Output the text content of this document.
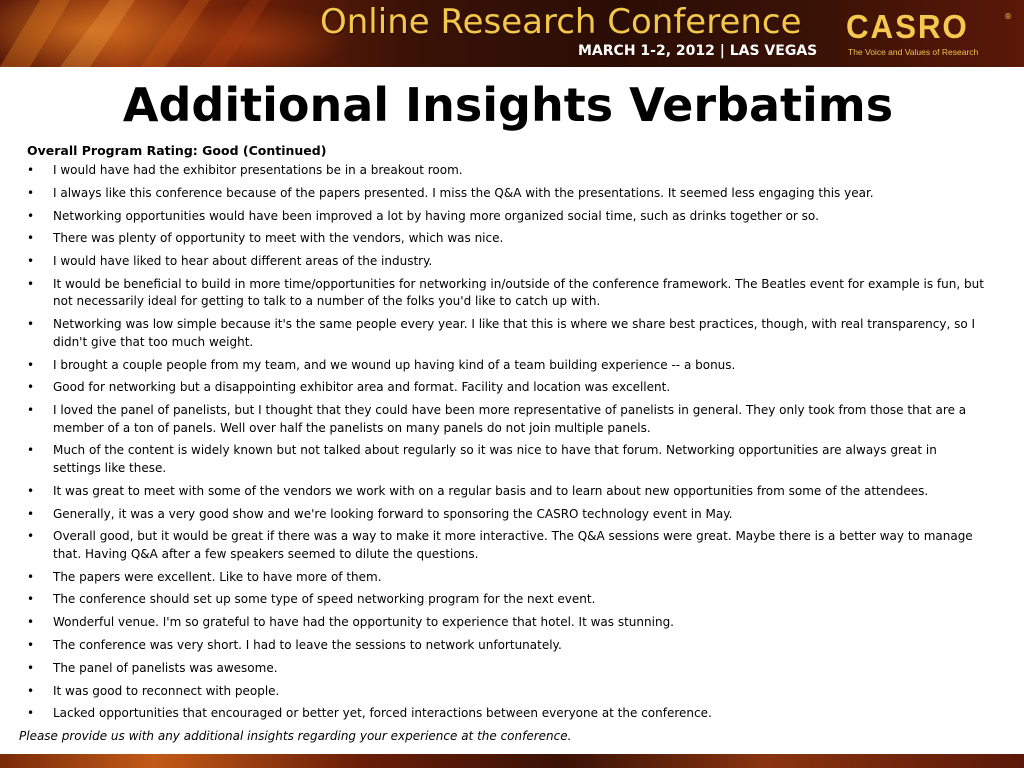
Online Research Conference
MARCH 1-2, 2012 | LAS VEGAS
CASRO	®
The Voice and Values of Research
Additional Insights Verbatims
Overall Program Rating: Good (Continued)
• I would have had the exhibitor presentations be in a breakout room.
• I always like this conference because of the papers presented. I miss the Q&A with the presentations. It seemed less engaging this year.
• Networking opportunities would have been improved a lot by having more organized social time, such as drinks together or so.
• There was plenty of opportunity to meet with the vendors, which was nice.
• I would have liked to hear about different areas of the industry.
• It would be beneficial to build in more time/opportunities for networking in/outside of the conference framework. The Beatles event for example is fun, but not necessarily ideal for getting to talk to a number of the folks you'd like to catch up with.
• Networking was low simple because it's the same people every year. I like that this is where we share best practices, though, with real transparency, so I didn't give that too much weight.
• I brought a couple people from my team, and we wound up having kind of a team building experience -- a bonus.
• Good for networking but a disappointing exhibitor area and format. Facility and location was excellent.
• I loved the panel of panelists, but I thought that they could have been more representative of panelists in general. They only took from those that are a member of a ton of panels. Well over half the panelists on many panels do not join multiple panels.
• Much of the content is widely known but not talked about regularly so it was nice to have that forum. Networking opportunities are always great in settings like these.
• It was great to meet with some of the vendors we work with on a regular basis and to learn about new opportunities from some of the attendees.
• Generally, it was a very good show and we're looking forward to sponsoring the CASRO technology event in May.
• Overall good, but it would be great if there was a way to make it more interactive. The Q&A sessions were great. Maybe there is a better way to manage that. Having Q&A after a few speakers seemed to dilute the questions.
• The papers were excellent. Like to have more of them.
• The conference should set up some type of speed networking program for the next event.
• Wonderful venue. I'm so grateful to have had the opportunity to experience that hotel. It was stunning.
• The conference was very short. I had to leave the sessions to network unfortunately.
• The panel of panelists was awesome.
• It was good to reconnect with people.
• Lacked opportunities that encouraged or better yet, forced interactions between everyone at the conference.
Please provide us with any additional insights regarding your experience at the conference.
